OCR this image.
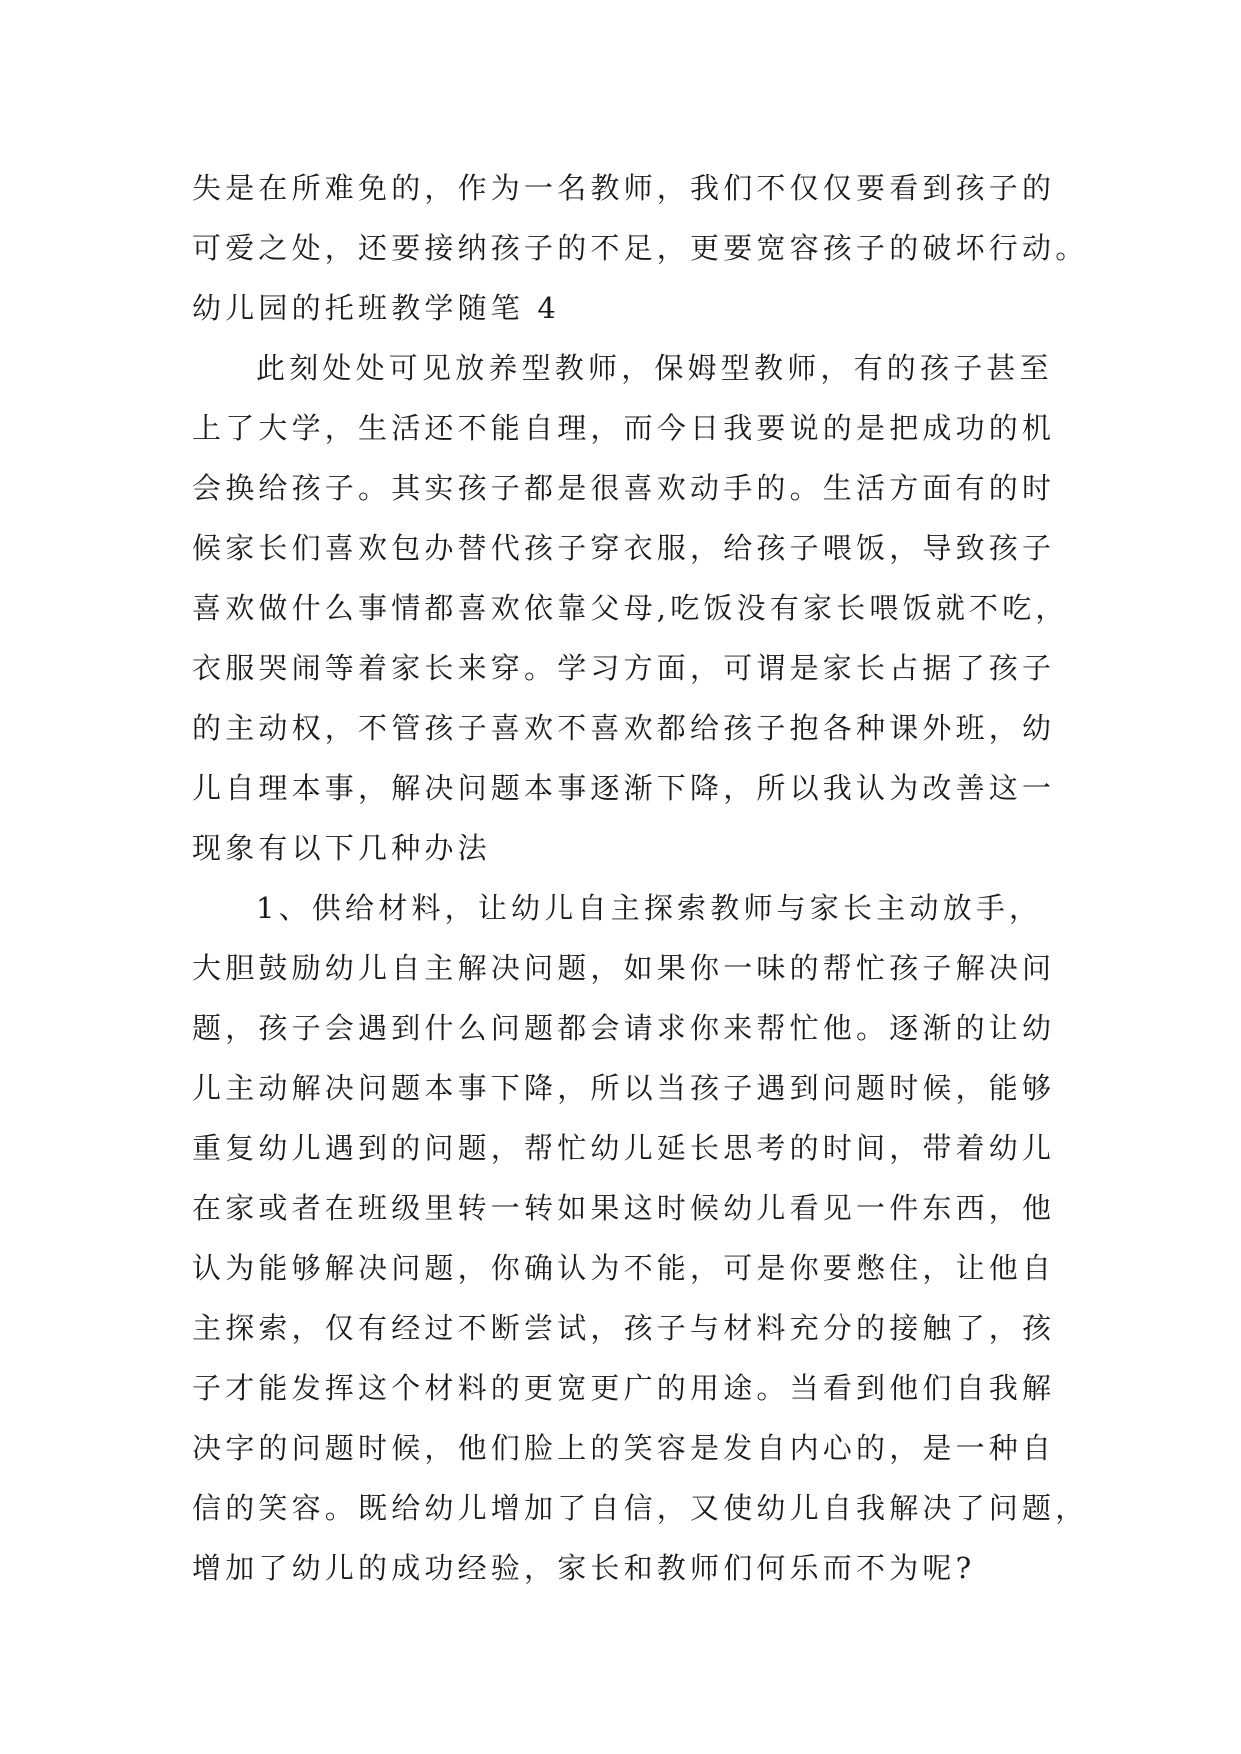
失是在所难免的，作为一名教师，我们不仅仅要看到孩子的
可爱之处，还要接纳孩子的不足，更要宽容孩子的破坏行动。
幼儿园的托班教学随笔 4
此刻处处可见放养型教师，保姆型教师，有的孩子甚至
上了大学，生活还不能自理，而今日我要说的是把成功的机
会换给孩子。其实孩子都是很喜欢动手的。生活方面有的时
候家长们喜欢包办替代孩子穿衣服，给孩子喂饭，导致孩子
喜欢做什么事情都喜欢依靠父母,吃饭没有家长喂饭就不吃，
衣服哭闹等着家长来穿。学习方面，可谓是家长占据了孩子
的主动权，不管孩子喜欢不喜欢都给孩子抱各种课外班，幼
儿自理本事，解决问题本事逐渐下降，所以我认为改善这一
现象有以下几种办法
1、供给材料，让幼儿自主探索教师与家长主动放手，
大胆鼓励幼儿自主解决问题，如果你一味的帮忙孩子解决问
题，孩子会遇到什么问题都会请求你来帮忙他。逐渐的让幼
儿主动解决问题本事下降，所以当孩子遇到问题时候，能够
重复幼儿遇到的问题，帮忙幼儿延长思考的时间，带着幼儿
在家或者在班级里转一转如果这时候幼儿看见一件东西，他
认为能够解决问题，你确认为不能，可是你要憋住，让他自
主探索，仅有经过不断尝试，孩子与材料充分的接触了，孩
子才能发挥这个材料的更宽更广的用途。当看到他们自我解
决字的问题时候，他们脸上的笑容是发自内心的，是一种自
信的笑容。既给幼儿增加了自信，又使幼儿自我解决了问题，
增加了幼儿的成功经验，家长和教师们何乐而不为呢?
